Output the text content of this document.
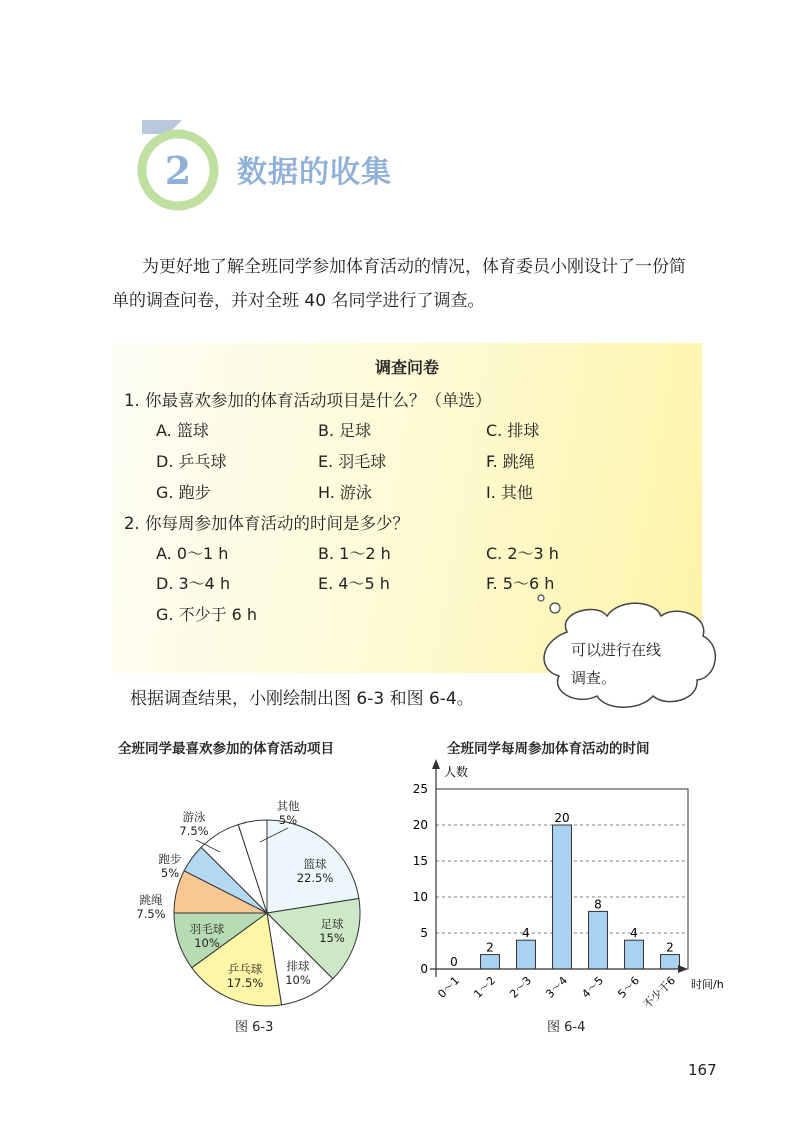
2 数据的收集
为更好地了解全班同学参加体育活动的情况，体育委员小刚设计了一份简
单的调查问卷，并对全班 40 名同学进行了调查。
调查问卷
1. 你最喜欢参加的体育活动项目是什么？（单选）
A. 篮球	B. 足球	C. 排球
D. 乒乓球	E. 羽毛球	F. 跳绳
G. 跑步	H. 游泳	I. 其他
2. 你每周参加体育活动的时间是多少？
A. 0～1 h	B. 1～2 h	C. 2～3 h
D. 3～4 h	E. 4～5 h	F. 5～6 h
G. 不少于 6 h
可以进行在线
调查。
根据调查结果，小刚绘制出图 6-3 和图 6-4。
全班同学最喜欢参加的体育活动项目
篮球
22.5%
足球
15%
排球
10%
乒乓球
17.5%
羽毛球
10%
跳绳
7.5%
跑步
5%
游泳
7.5%
其他
5%
图 6-3
全班同学每周参加体育活动的时间
0
5
10
15
20
25
0
2
4
20
8
4
2
0～1 1～2 2～3 3～4 4～5 5～6
不少于6
人数
时间/h
图 6-4
167
